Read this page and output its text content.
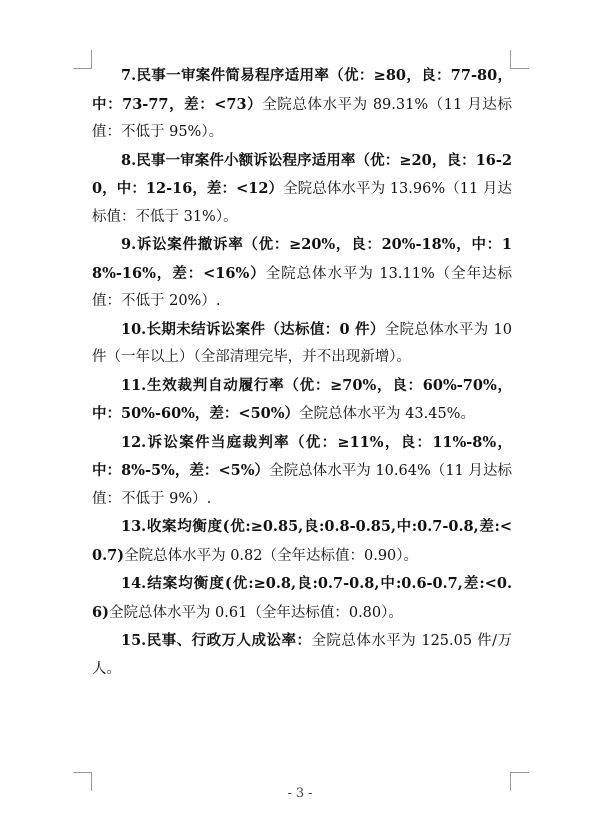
7.民事一审案件简易程序适用率（优：≥80，良：77-80，中：73-77，差：<73）全院总体水平为 89.31%（11 月达标值：不低于 95%）。

8.民事一审案件小额诉讼程序适用率（优：≥20，良：16-20，中：12-16，差：<12）全院总体水平为 13.96%（11 月达标值：不低于 31%）。

9.诉讼案件撤诉率（优：≥20%，良：20%-18%，中：18%-16%，差：<16%）全院总体水平为 13.11%（全年达标值：不低于 20%）.

10.长期未结诉讼案件（达标值：0 件）全院总体水平为 10 件（一年以上）（全部清理完毕，并不出现新增）。

11.生效裁判自动履行率（优：≥70%，良：60%-70%，中：50%-60%，差：<50%）全院总体水平为 43.45%。

12.诉讼案件当庭裁判率（优：≥11%，良：11%-8%，中：8%-5%，差：<5%）全院总体水平为 10.64%（11 月达标值：不低于 9%）.

13.收案均衡度(优:≥0.85,良:0.8-0.85,中:0.7-0.8,差:<0.7)全院总体水平为 0.82（全年达标值：0.90）。

14.结案均衡度(优:≥0.8,良:0.7-0.8,中:0.6-0.7,差:<0.6)全院总体水平为 0.61（全年达标值：0.80）。

15.民事、行政万人成讼率：全院总体水平为 125.05 件/万人。

- 3 -
